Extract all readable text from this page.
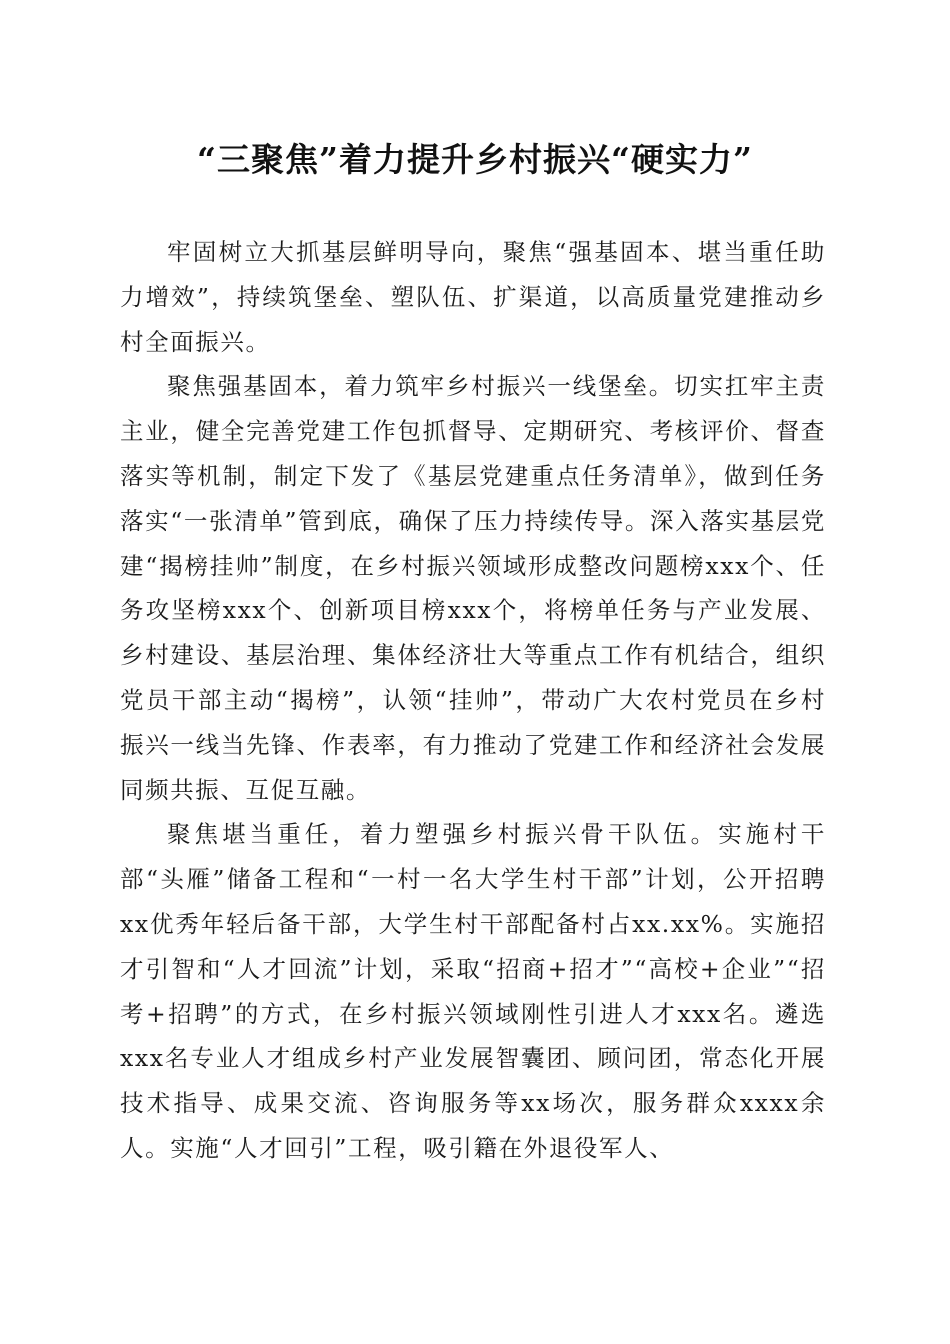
“三聚焦”着力提升乡村振兴“硬实力”

牢固树立大抓基层鲜明导向，聚焦“强基固本、堪当重任助力增效”，持续筑堡垒、塑队伍、扩渠道，以高质量党建推动乡村全面振兴。

聚焦强基固本，着力筑牢乡村振兴一线堡垒。切实扛牢主责主业，健全完善党建工作包抓督导、定期研究、考核评价、督查落实等机制，制定下发了《基层党建重点任务清单》，做到任务落实“一张清单”管到底，确保了压力持续传导。深入落实基层党建“揭榜挂帅”制度，在乡村振兴领域形成整改问题榜xxx个、任务攻坚榜xxx个、创新项目榜xxx个，将榜单任务与产业发展、乡村建设、基层治理、集体经济壮大等重点工作有机结合，组织党员干部主动“揭榜”，认领“挂帅”，带动广大农村党员在乡村振兴一线当先锋、作表率，有力推动了党建工作和经济社会发展同频共振、互促互融。

聚焦堪当重任，着力塑强乡村振兴骨干队伍。实施村干部“头雁”储备工程和“一村一名大学生村干部”计划，公开招聘xx优秀年轻后备干部，大学生村干部配备村占xx.xx%。实施招才引智和“人才回流”计划，采取“招商+招才”“高校+企业”“招考+招聘”的方式，在乡村振兴领域刚性引进人才xxx名。遴选xxx名专业人才组成乡村产业发展智囊团、顾问团，常态化开展技术指导、成果交流、咨询服务等xx场次，服务群众xxxx余人。实施“人才回引”工程，吸引籍在外退役军人、
